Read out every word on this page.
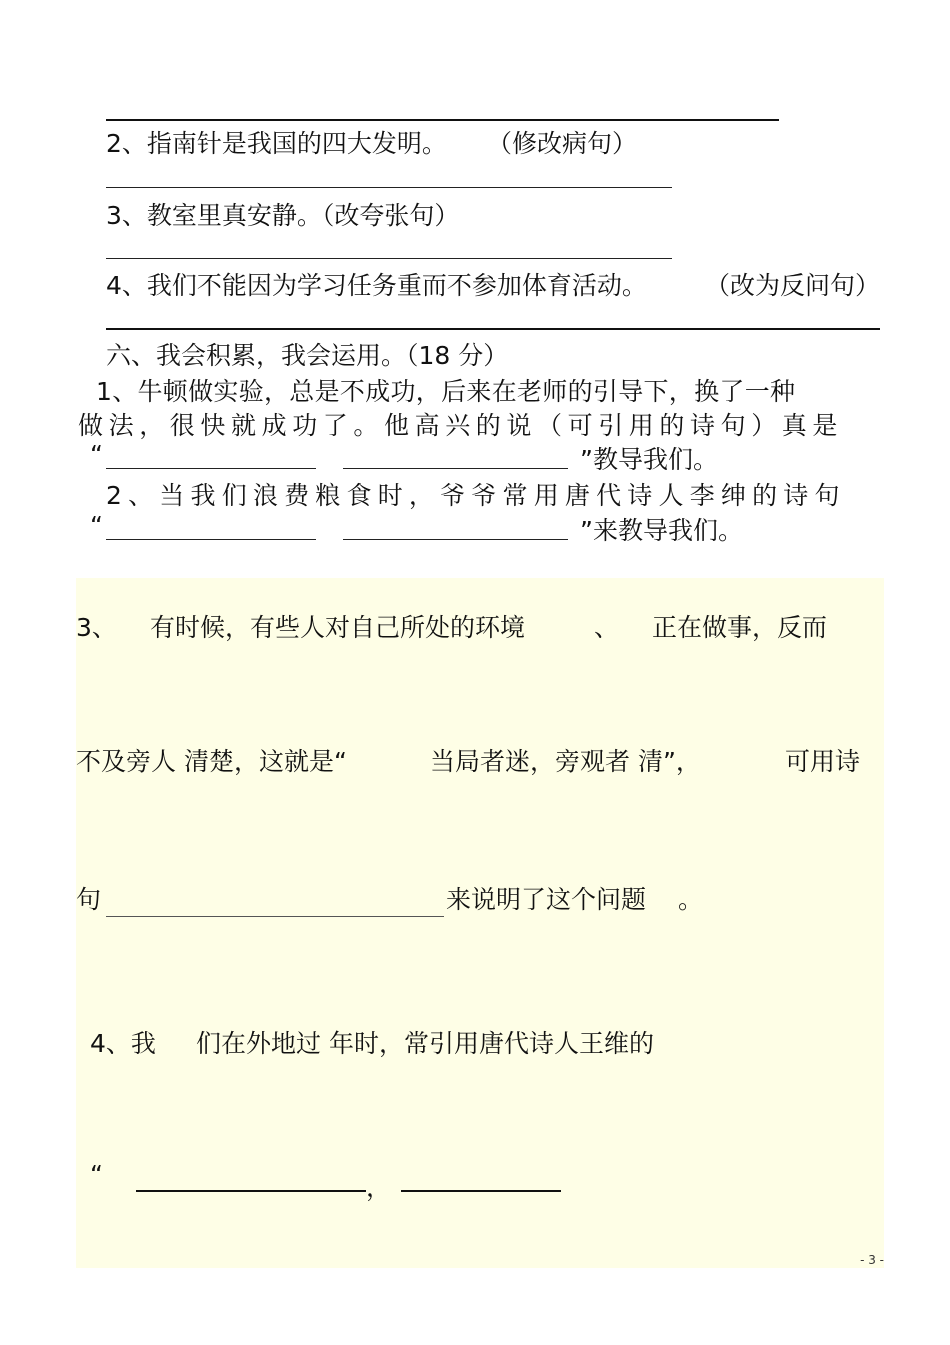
2、指南针是我国的四大发明。 （修改病句）
3、教室里真安静。（改夸张句）
4、我们不能因为学习任务重而不参加体育活动。 （改为反问句）
六、我会积累，我会运用。（18 分）
1、牛顿做实验，总是不成功，后来在老师的引导下，换了一种
做法，很快就成功了。他高兴的说（可引用的诗句）真是
“	”教导我们。
2、当我们浪费粮食时，爷爷常用唐代诗人李绅的诗句
“	”来教导我们。
3、 有时候，有些人对自己所处的环境	、 正在做事，反而
不及旁人 清楚，这就是“	当局者迷，旁观者 清”，	可用诗
句	来说明了这个问题 。
4、我 们在外地过 年时，常引用唐代诗人王维的
“	，
- 3 -
